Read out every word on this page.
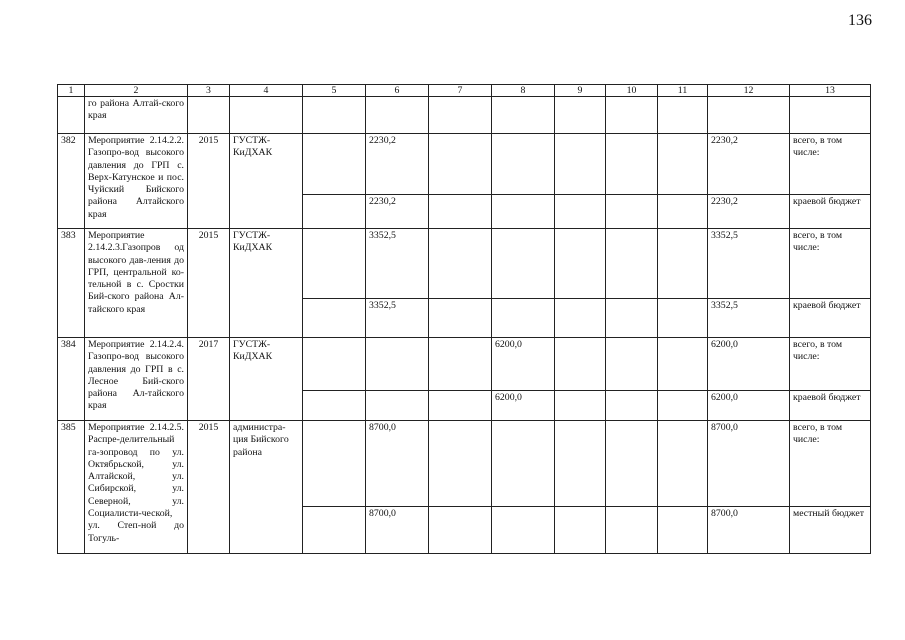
136
1	2	3	4	5	6	7	8	9	10	11	12	13
	го района Алтай-ского края											
382	Мероприятие 2.14.2.2. Газопро-вод высокого давления до ГРП с. Верх-Катунское и пос. Чуйский Бийского района Алтайского края	2015	ГУСТЖ-КиДХАК		2230,2						2230,2	всего, в том числе:
					2230,2						2230,2	краевой бюджет
383	Мероприятие 2.14.2.3.Газопров од высокого дав-ления до ГРП, центральной ко-тельной в с. Сростки Бий-ского района Ал-тайского края	2015	ГУСТЖ-КиДХАК		3352,5						3352,5	всего, в том числе:
					3352,5						3352,5	краевой бюджет
384	Мероприятие 2.14.2.4. Газопро-вод высокого давления до ГРП в с. Лесное Бий-ского района Ал-тайского края	2017	ГУСТЖ-КиДХАК				6200,0				6200,0	всего, в том числе:
							6200,0				6200,0	краевой бюджет
385	Мероприятие 2.14.2.5. Распре-делительный га-зопровод по ул. Октябрьской, ул. Алтайской, ул. Сибирской, ул. Северной, ул. Социалисти-ческой, ул. Степ-ной до Тогуль-	2015	администра-ция Бийского района		8700,0						8700,0	всего, в том числе:
					8700,0						8700,0	местный бюджет
